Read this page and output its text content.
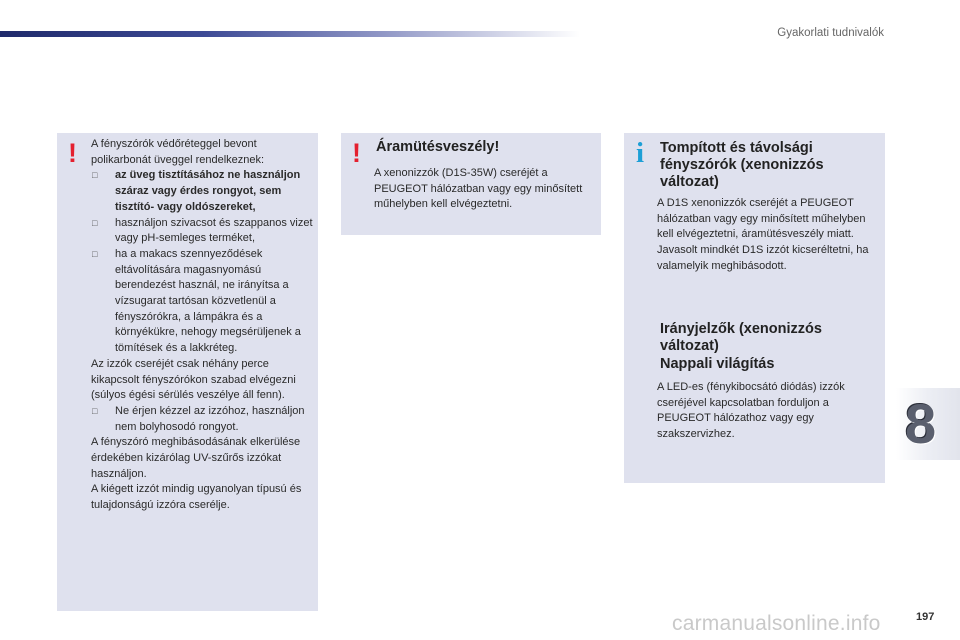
Gyakorlati tudnivalók
! A fényszórók védőréteggel bevont polikarbonát üveggel rendelkeznek:

□ az üveg tisztításához ne használjon száraz vagy érdes rongyot, sem tisztító- vagy oldószereket,

□ használjon szivacsot és szappanos vizet vagy pH-semleges terméket,

□ ha a makacs szennyeződések eltávolítására magasnyomású berendezést használ, ne irányítsa a vízsugarat tartósan közvetlenül a fényszórókra, a lámpákra és a környékükre, nehogy megsérüljenek a tömítések és a lakkréteg.

Az izzók cseréjét csak néhány perce kikapcsolt fényszórókon szabad elvégezni (súlyos égési sérülés veszélye áll fenn).

□ Ne érjen kézzel az izzóhoz, használjon nem bolyhosodó rongyot.

A fényszóró meghibásodásának elkerülése érdekében kizárólag UV-szűrős izzókat használjon.

A kiégett izzót mindig ugyanolyan típusú és tulajdonságú izzóra cserélje.

! Áramütésveszély!
A xenonizzók (D1S-35W) cseréjét a PEUGEOT hálózatban vagy egy minősített műhelyben kell elvégeztetni.
i Tompított és távolsági fényszórók (xenonizzós változat)

A D1S xenonizzók cseréjét a PEUGEOT hálózatban vagy egy minősített műhelyben kell elvégeztetni, áramütésveszély miatt.

Javasolt mindkét D1S izzót kicseréltetni, ha valamelyik meghibásodott.

Irányjelzők (xenonizzós változat)
Nappali világítás
A LED-es (fénykibocsátó diódás) izzók cseréjével kapcsolatban forduljon a PEUGEOT hálózathoz vagy egy szakszervizhez.	8
197
carmanualsonline.info
